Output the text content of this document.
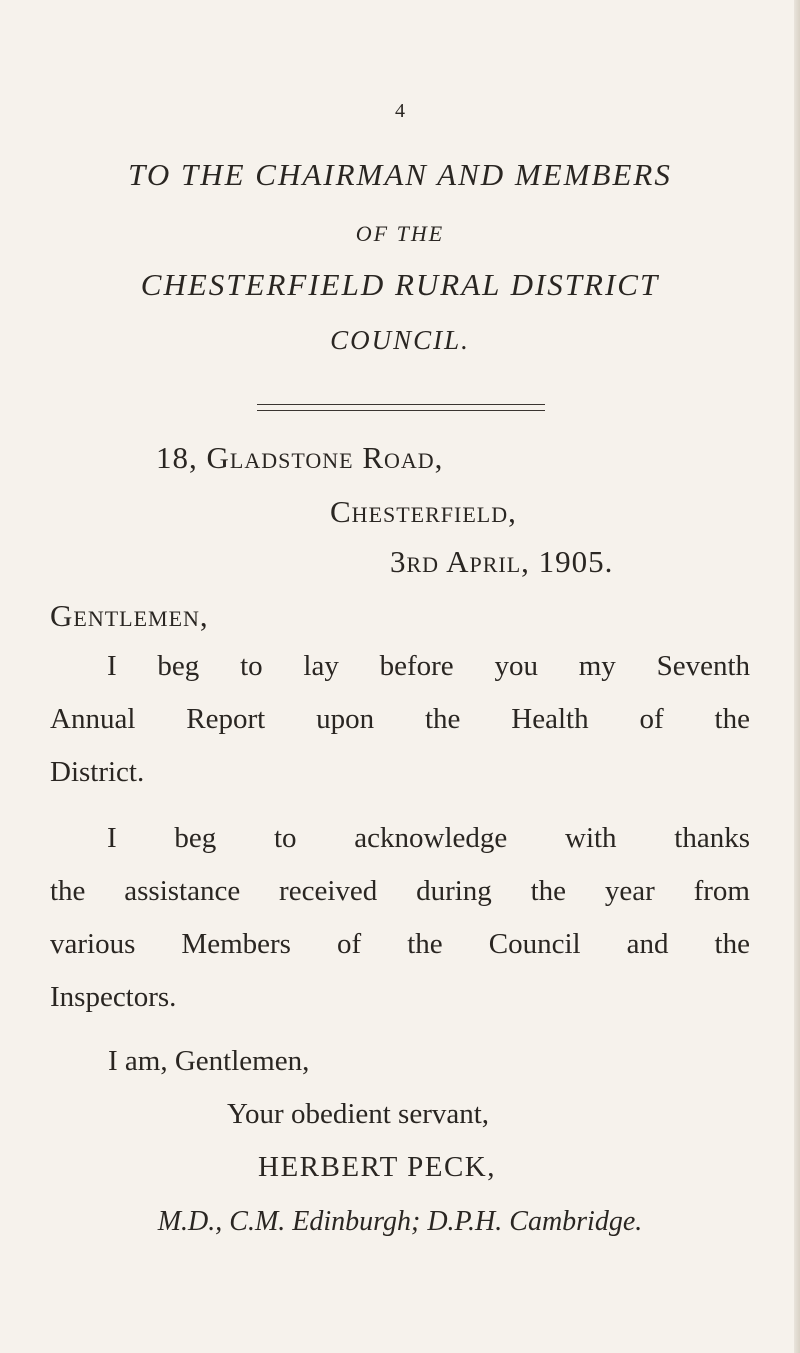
4
TO THE CHAIRMAN AND MEMBERS
OF THE
CHESTERFIELD RURAL DISTRICT
COUNCIL.
18, Gladstone Road,
Chesterfield,
3rd April, 1905.
Gentlemen,
I beg to lay before you my Seventh
Annual Report upon the Health of the
District.
I beg to acknowledge with thanks
the assistance received during the year from
various Members of the Council and the
Inspectors.
I am, Gentlemen,
Your obedient servant,
HERBERT PECK,
M.D., C.M. Edinburgh; D.P.H. Cambridge.
